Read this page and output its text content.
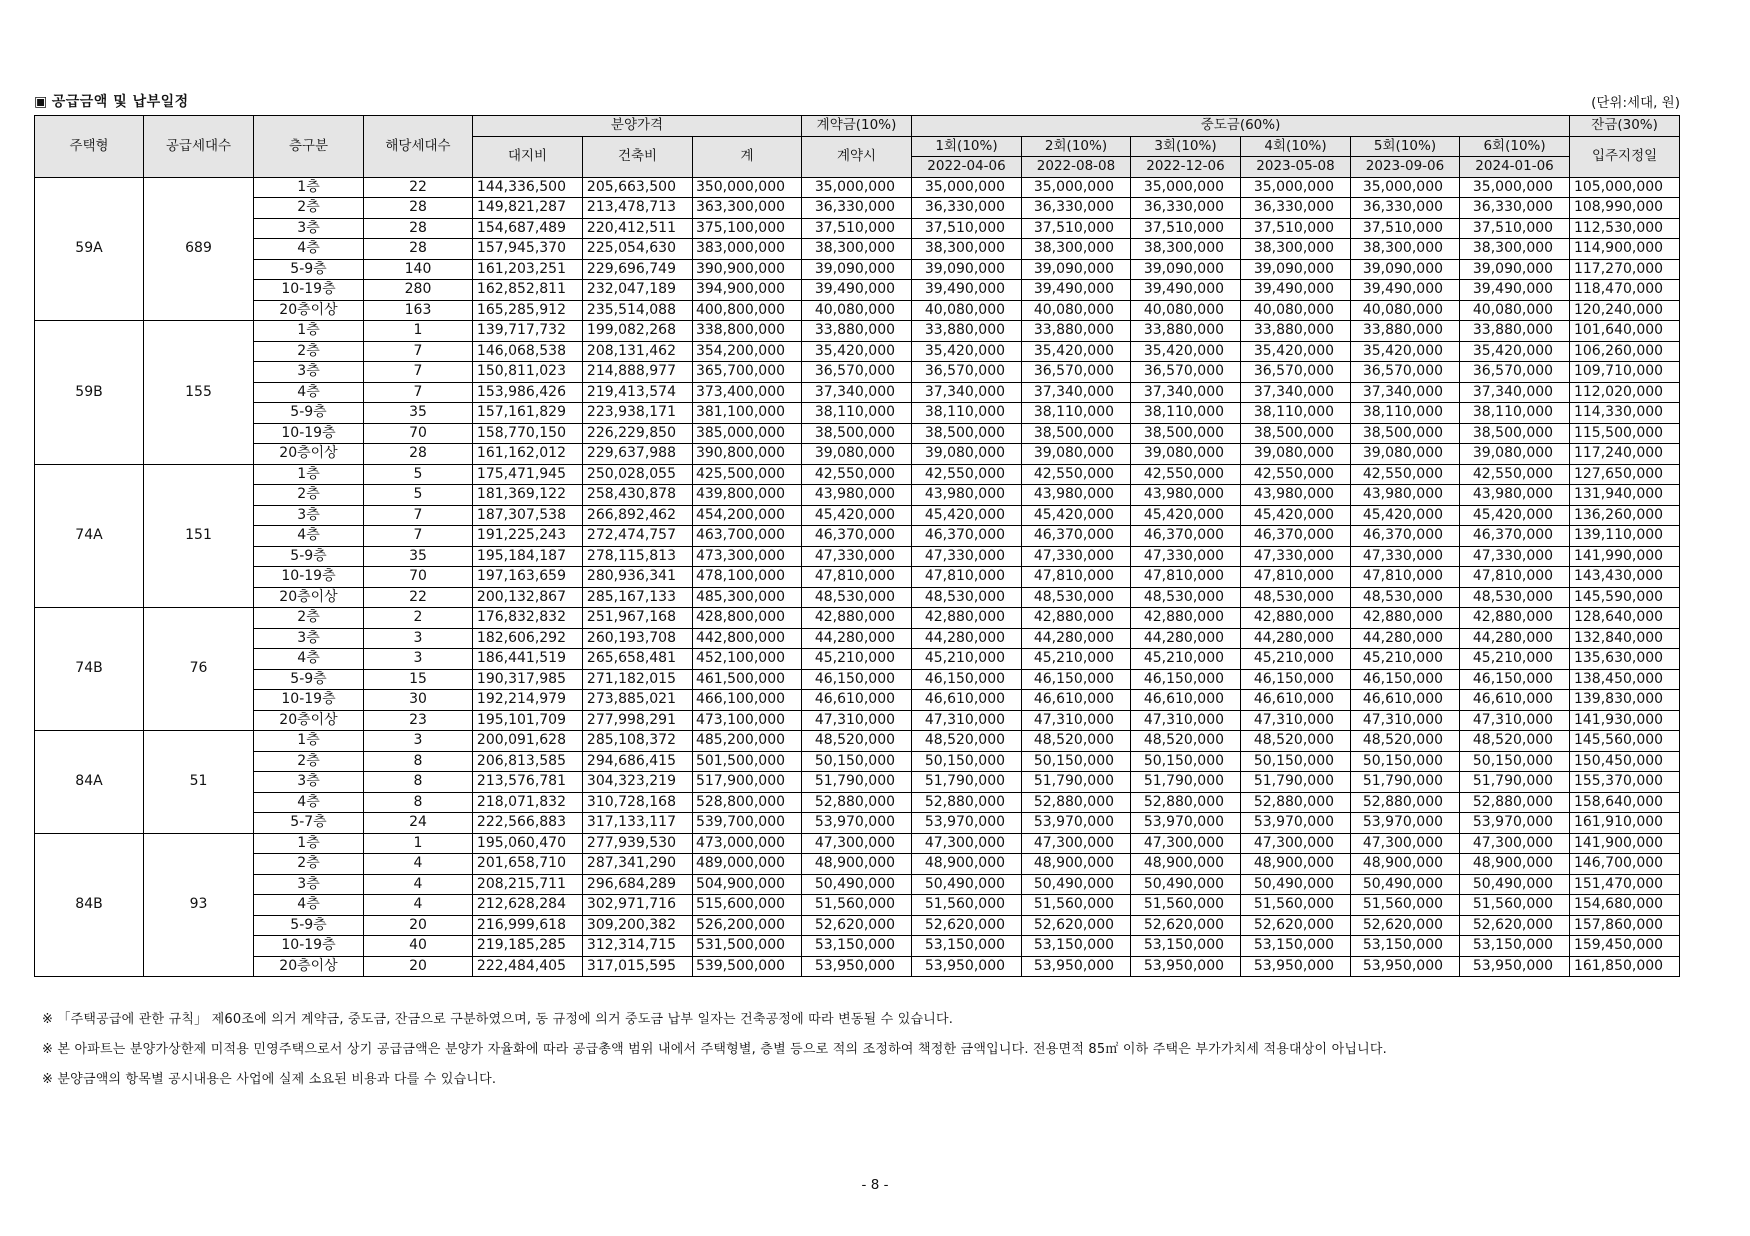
▣ 공급금액 및 납부일정	(단위:세대, 원)
주택형	공급세대수	층구분	해당세대수	분양가격			계약금(10%)	중도금(60%)						잔금(30%)
				대지비	건축비	계	계약시	1회(10%)	2회(10%)	3회(10%)	4회(10%)	5회(10%)	6회(10%)	입주지정일
								2022-04-06	2022-08-08	2022-12-06	2023-05-08	2023-09-06	2024-01-06	
59A	689	1층	22	144,336,500	205,663,500	350,000,000	35,000,000	35,000,000	35,000,000	35,000,000	35,000,000	35,000,000	35,000,000	105,000,000
		2층	28	149,821,287	213,478,713	363,300,000	36,330,000	36,330,000	36,330,000	36,330,000	36,330,000	36,330,000	36,330,000	108,990,000
		3층	28	154,687,489	220,412,511	375,100,000	37,510,000	37,510,000	37,510,000	37,510,000	37,510,000	37,510,000	37,510,000	112,530,000
		4층	28	157,945,370	225,054,630	383,000,000	38,300,000	38,300,000	38,300,000	38,300,000	38,300,000	38,300,000	38,300,000	114,900,000
		5-9층	140	161,203,251	229,696,749	390,900,000	39,090,000	39,090,000	39,090,000	39,090,000	39,090,000	39,090,000	39,090,000	117,270,000
		10-19층	280	162,852,811	232,047,189	394,900,000	39,490,000	39,490,000	39,490,000	39,490,000	39,490,000	39,490,000	39,490,000	118,470,000
		20층이상	163	165,285,912	235,514,088	400,800,000	40,080,000	40,080,000	40,080,000	40,080,000	40,080,000	40,080,000	40,080,000	120,240,000
59B	155	1층	1	139,717,732	199,082,268	338,800,000	33,880,000	33,880,000	33,880,000	33,880,000	33,880,000	33,880,000	33,880,000	101,640,000
		2층	7	146,068,538	208,131,462	354,200,000	35,420,000	35,420,000	35,420,000	35,420,000	35,420,000	35,420,000	35,420,000	106,260,000
		3층	7	150,811,023	214,888,977	365,700,000	36,570,000	36,570,000	36,570,000	36,570,000	36,570,000	36,570,000	36,570,000	109,710,000
		4층	7	153,986,426	219,413,574	373,400,000	37,340,000	37,340,000	37,340,000	37,340,000	37,340,000	37,340,000	37,340,000	112,020,000
		5-9층	35	157,161,829	223,938,171	381,100,000	38,110,000	38,110,000	38,110,000	38,110,000	38,110,000	38,110,000	38,110,000	114,330,000
		10-19층	70	158,770,150	226,229,850	385,000,000	38,500,000	38,500,000	38,500,000	38,500,000	38,500,000	38,500,000	38,500,000	115,500,000
		20층이상	28	161,162,012	229,637,988	390,800,000	39,080,000	39,080,000	39,080,000	39,080,000	39,080,000	39,080,000	39,080,000	117,240,000
74A	151	1층	5	175,471,945	250,028,055	425,500,000	42,550,000	42,550,000	42,550,000	42,550,000	42,550,000	42,550,000	42,550,000	127,650,000
		2층	5	181,369,122	258,430,878	439,800,000	43,980,000	43,980,000	43,980,000	43,980,000	43,980,000	43,980,000	43,980,000	131,940,000
		3층	7	187,307,538	266,892,462	454,200,000	45,420,000	45,420,000	45,420,000	45,420,000	45,420,000	45,420,000	45,420,000	136,260,000
		4층	7	191,225,243	272,474,757	463,700,000	46,370,000	46,370,000	46,370,000	46,370,000	46,370,000	46,370,000	46,370,000	139,110,000
		5-9층	35	195,184,187	278,115,813	473,300,000	47,330,000	47,330,000	47,330,000	47,330,000	47,330,000	47,330,000	47,330,000	141,990,000
		10-19층	70	197,163,659	280,936,341	478,100,000	47,810,000	47,810,000	47,810,000	47,810,000	47,810,000	47,810,000	47,810,000	143,430,000
		20층이상	22	200,132,867	285,167,133	485,300,000	48,530,000	48,530,000	48,530,000	48,530,000	48,530,000	48,530,000	48,530,000	145,590,000
74B	76	2층	2	176,832,832	251,967,168	428,800,000	42,880,000	42,880,000	42,880,000	42,880,000	42,880,000	42,880,000	42,880,000	128,640,000
		3층	3	182,606,292	260,193,708	442,800,000	44,280,000	44,280,000	44,280,000	44,280,000	44,280,000	44,280,000	44,280,000	132,840,000
		4층	3	186,441,519	265,658,481	452,100,000	45,210,000	45,210,000	45,210,000	45,210,000	45,210,000	45,210,000	45,210,000	135,630,000
		5-9층	15	190,317,985	271,182,015	461,500,000	46,150,000	46,150,000	46,150,000	46,150,000	46,150,000	46,150,000	46,150,000	138,450,000
		10-19층	30	192,214,979	273,885,021	466,100,000	46,610,000	46,610,000	46,610,000	46,610,000	46,610,000	46,610,000	46,610,000	139,830,000
		20층이상	23	195,101,709	277,998,291	473,100,000	47,310,000	47,310,000	47,310,000	47,310,000	47,310,000	47,310,000	47,310,000	141,930,000
84A	51	1층	3	200,091,628	285,108,372	485,200,000	48,520,000	48,520,000	48,520,000	48,520,000	48,520,000	48,520,000	48,520,000	145,560,000
		2층	8	206,813,585	294,686,415	501,500,000	50,150,000	50,150,000	50,150,000	50,150,000	50,150,000	50,150,000	50,150,000	150,450,000
		3층	8	213,576,781	304,323,219	517,900,000	51,790,000	51,790,000	51,790,000	51,790,000	51,790,000	51,790,000	51,790,000	155,370,000
		4층	8	218,071,832	310,728,168	528,800,000	52,880,000	52,880,000	52,880,000	52,880,000	52,880,000	52,880,000	52,880,000	158,640,000
		5-7층	24	222,566,883	317,133,117	539,700,000	53,970,000	53,970,000	53,970,000	53,970,000	53,970,000	53,970,000	53,970,000	161,910,000
84B	93	1층	1	195,060,470	277,939,530	473,000,000	47,300,000	47,300,000	47,300,000	47,300,000	47,300,000	47,300,000	47,300,000	141,900,000
		2층	4	201,658,710	287,341,290	489,000,000	48,900,000	48,900,000	48,900,000	48,900,000	48,900,000	48,900,000	48,900,000	146,700,000
		3층	4	208,215,711	296,684,289	504,900,000	50,490,000	50,490,000	50,490,000	50,490,000	50,490,000	50,490,000	50,490,000	151,470,000
		4층	4	212,628,284	302,971,716	515,600,000	51,560,000	51,560,000	51,560,000	51,560,000	51,560,000	51,560,000	51,560,000	154,680,000
		5-9층	20	216,999,618	309,200,382	526,200,000	52,620,000	52,620,000	52,620,000	52,620,000	52,620,000	52,620,000	52,620,000	157,860,000
		10-19층	40	219,185,285	312,314,715	531,500,000	53,150,000	53,150,000	53,150,000	53,150,000	53,150,000	53,150,000	53,150,000	159,450,000
		20층이상	20	222,484,405	317,015,595	539,500,000	53,950,000	53,950,000	53,950,000	53,950,000	53,950,000	53,950,000	53,950,000	161,850,000
※ 「주택공급에 관한 규칙」 제60조에 의거 계약금, 중도금, 잔금으로 구분하였으며, 동 규정에 의거 중도금 납부 일자는 건축공정에 따라 변동될 수 있습니다.
※ 본 아파트는 분양가상한제 미적용 민영주택으로서 상기 공급금액은 분양가 자율화에 따라 공급총액 범위 내에서 주택형별, 층별 등으로 적의 조정하여 책정한 금액입니다. 전용면적 85㎡ 이하 주택은 부가가치세 적용대상이 아닙니다.
※ 분양금액의 항목별 공시내용은 사업에 실제 소요된 비용과 다를 수 있습니다.
- 8 -
